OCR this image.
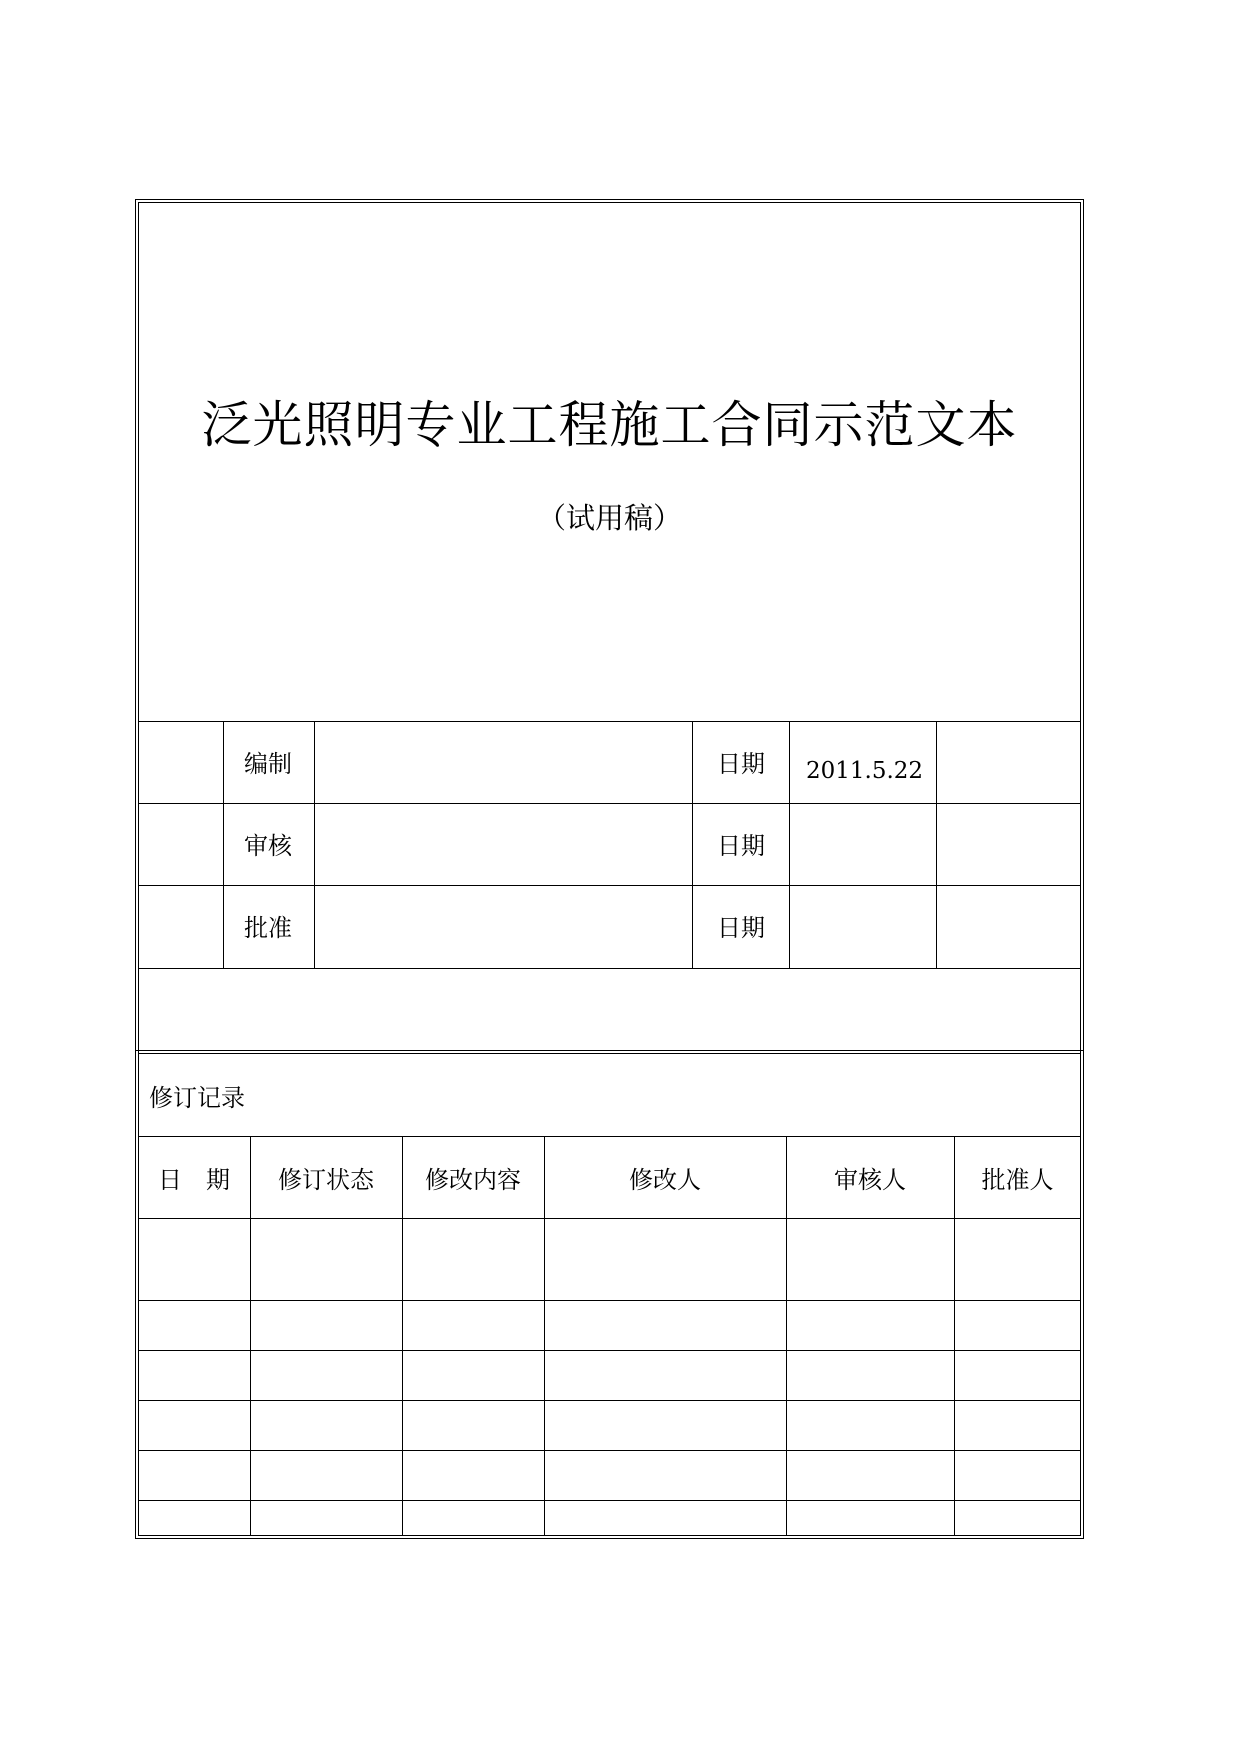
泛光照明专业工程施工合同示范文本
（试用稿）
编制	日期 2011.5.22
审核	日期
批准	日期
修订记录
日　期	修订状态	修改内容	修改人	审核人	批准人
